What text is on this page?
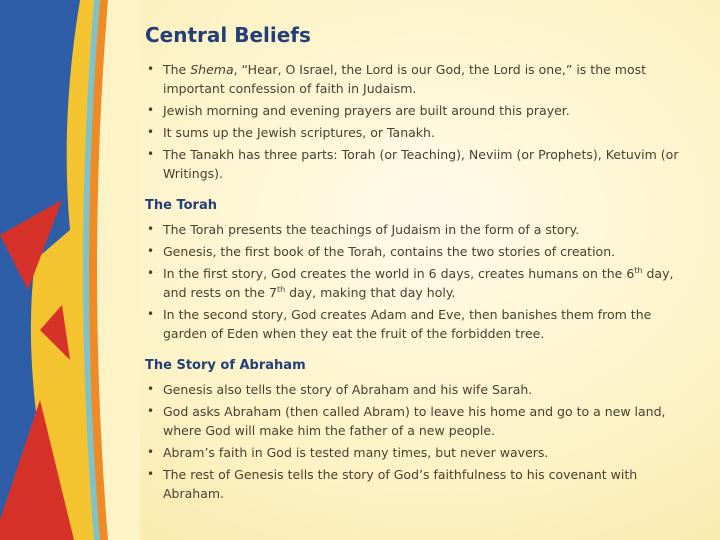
Central Beliefs
• The Shema, “Hear, O Israel, the Lord is our God, the Lord is one,” is the most important confession of faith in Judaism.
• Jewish morning and evening prayers are built around this prayer.
• It sums up the Jewish scriptures, or Tanakh.
• The Tanakh has three parts: Torah (or Teaching), Neviim (or Prophets), Ketuvim (or Writings).
The Torah
• The Torah presents the teachings of Judaism in the form of a story.
• Genesis, the first book of the Torah, contains the two stories of creation.
• In the first story, God creates the world in 6 days, creates humans on the 6th day, and rests on the 7th day, making that day holy.
• In the second story, God creates Adam and Eve, then banishes them from the garden of Eden when they eat the fruit of the forbidden tree.
The Story of Abraham
• Genesis also tells the story of Abraham and his wife Sarah.
• God asks Abraham (then called Abram) to leave his home and go to a new land, where God will make him the father of a new people.
• Abram’s faith in God is tested many times, but never wavers.
• The rest of Genesis tells the story of God’s faithfulness to his covenant with Abraham.
